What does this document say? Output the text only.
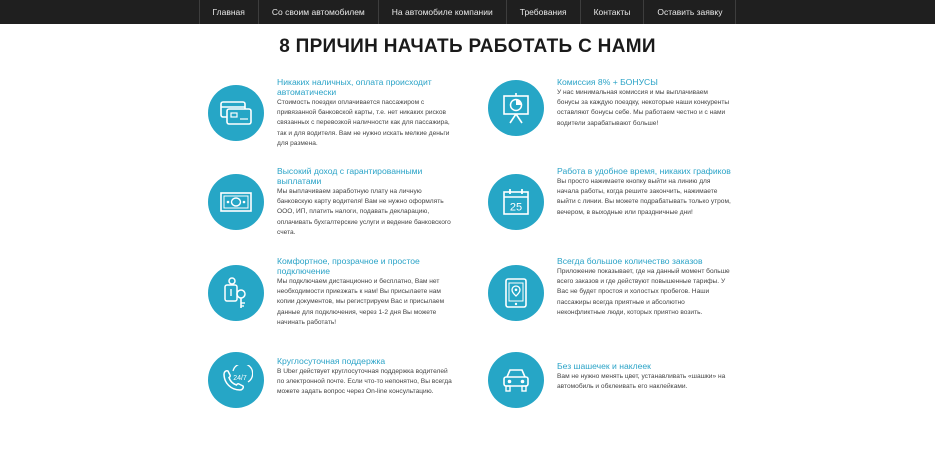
Главная	Со своим автомобилем	На автомобиле компании	Требования	Контакты	Оставить заявку
8 ПРИЧИН НАЧАТЬ РАБОТАТЬ С НАМИ
Никаких наличных, оплата происходит автоматически
Стоимость поездки оплачивается пассажиром с привязанной банковской карты, т.е. нет никаких рисков связанных с перевозкой наличности как для пассажира, так и для водителя. Вам не нужно искать мелкие деньги для размена.
Комиссия 8% + БОНУСЫ
У нас минимальная комиссия и мы выплачиваем бонусы за каждую поездку, некоторые наши конкуренты оставляют бонусы себе. Мы работаем честно и с нами водители зарабатывают больше!
Высокий доход с гарантированными выплатами
Мы выплачиваем заработную плату на личную банковскую карту водителя! Вам не нужно оформлять ООО, ИП, платить налоги, подавать декларацию, оплачивать бухгалтерские услуги и ведение банковского счета.
25
Работа в удобное время, никаких графиков
Вы просто нажимаете кнопку выйти на линию для начала работы, когда решите закончить, нажимаете выйти с линии. Вы можете подрабатывать только утром, вечером, в выходные или праздничные дни!
Комфортное, прозрачное и простое подключение
Мы подключаем дистанционно и бесплатно, Вам нет необходимости приезжать к нам! Вы присылаете нам копии документов, мы регистрируем Вас и присылаем данные для подключения, через 1-2 дня Вы можете начинать работать!
Всегда большое количество заказов
Приложение показывает, где на данный момент больше всего заказов и где действуют повышенные тарифы. У Вас не будет простоя и холостых пробегов. Наши пассажиры всегда приятные и абсолютно неконфликтные люди, которых приятно возить.
24/7
Круглосуточная поддержка
В Uber действует круглосуточная поддержка водителей по электронной почте. Если что-то непонятно, Вы всегда можете задать вопрос через On-line консультацию.
Без шашечек и наклеек
Вам не нужно менять цвет, устанавливать «шашки» на автомобиль и обклеивать его наклейками.
